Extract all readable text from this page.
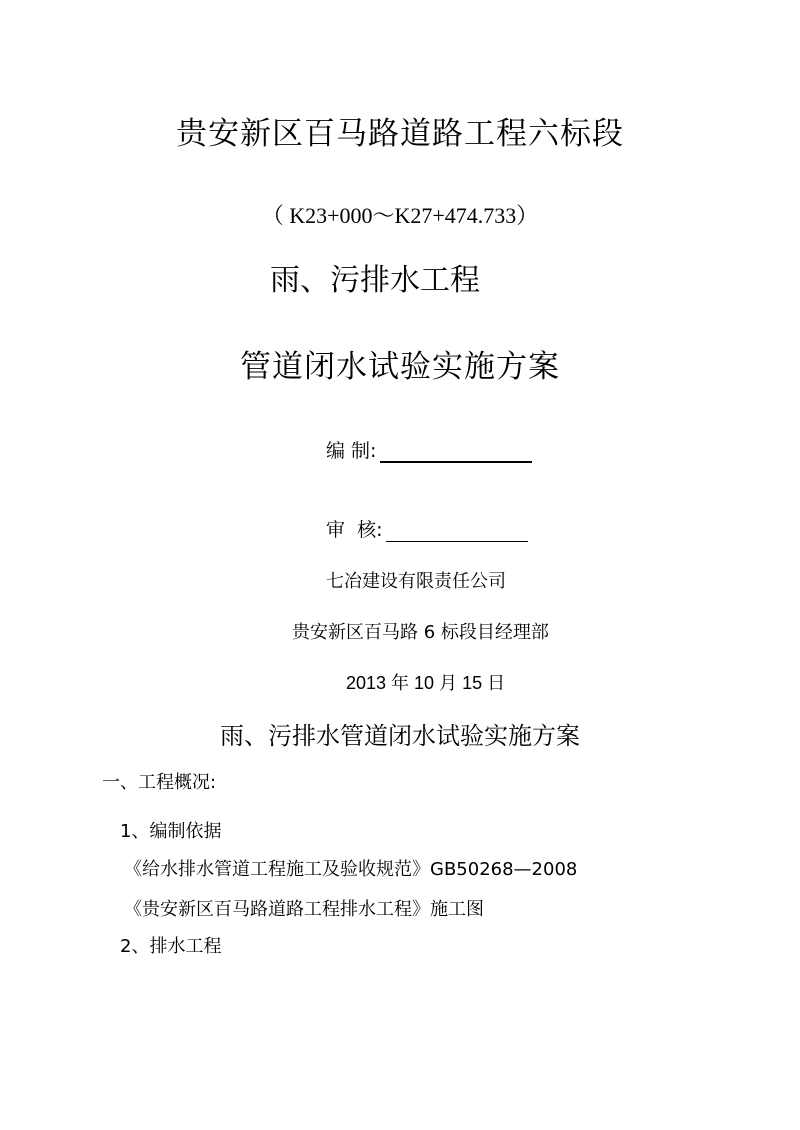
贵安新区百马路道路工程六标段
（ K23+000～K27+474.733）
雨、污排水工程
管道闭水试验实施方案
编 制:
审  核:
七冶建设有限责任公司
贵安新区百马路 6 标段目经理部
2013 年 10 月 15 日
雨、污排水管道闭水试验实施方案
一、工程概况:
1、编制依据
《给水排水管道工程施工及验收规范》GB50268—2008
《贵安新区百马路道路工程排水工程》施工图
2、排水工程
